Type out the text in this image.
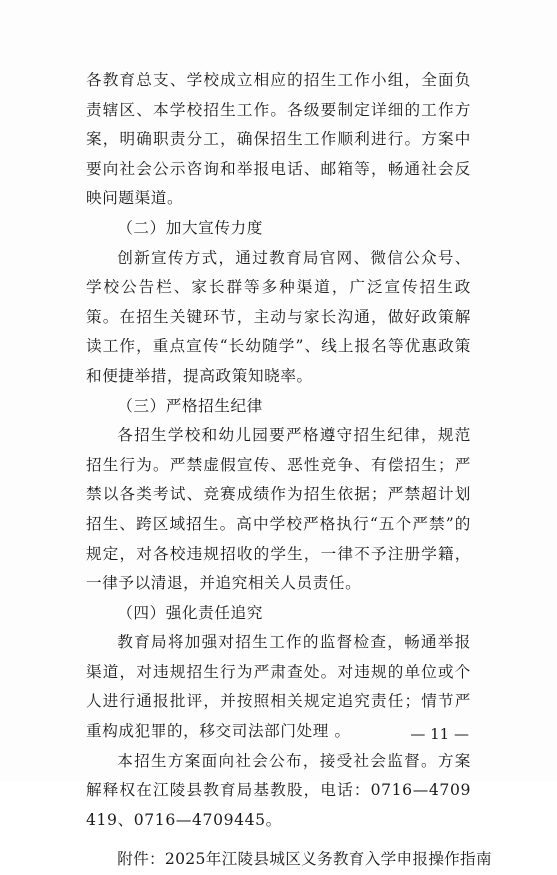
各教育总支、学校成立相应的招生工作小组，全面负责辖区、本学校招生工作。各级要制定详细的工作方案，明确职责分工，确保招生工作顺利进行。方案中要向社会公示咨询和举报电话、邮箱等，畅通社会反映问题渠道。

（二）加大宣传力度

创新宣传方式，通过教育局官网、微信公众号、学校公告栏、家长群等多种渠道，广泛宣传招生政策。在招生关键环节，主动与家长沟通，做好政策解读工作，重点宣传“长幼随学”、线上报名等优惠政策和便捷举措，提高政策知晓率。

（三）严格招生纪律

各招生学校和幼儿园要严格遵守招生纪律，规范招生行为。严禁虚假宣传、恶性竞争、有偿招生；严禁以各类考试、竞赛成绩作为招生依据；严禁超计划招生、跨区域招生。高中学校严格执行“五个严禁”的规定，对各校违规招收的学生，一律不予注册学籍，一律予以清退，并追究相关人员责任。

（四）强化责任追究

教育局将加强对招生工作的监督检查，畅通举报渠道，对违规招生行为严肃查处。对违规的单位或个人进行通报批评，并按照相关规定追究责任；情节严重构成犯罪的，移交司法部门处理 。

本招生方案面向社会公布，接受社会监督。方案解释权在江陵县教育局基教股，电话：0716—4709419、0716—4709445。

附件：2025年江陵县城区义务教育入学申报操作指南

— 11 —
